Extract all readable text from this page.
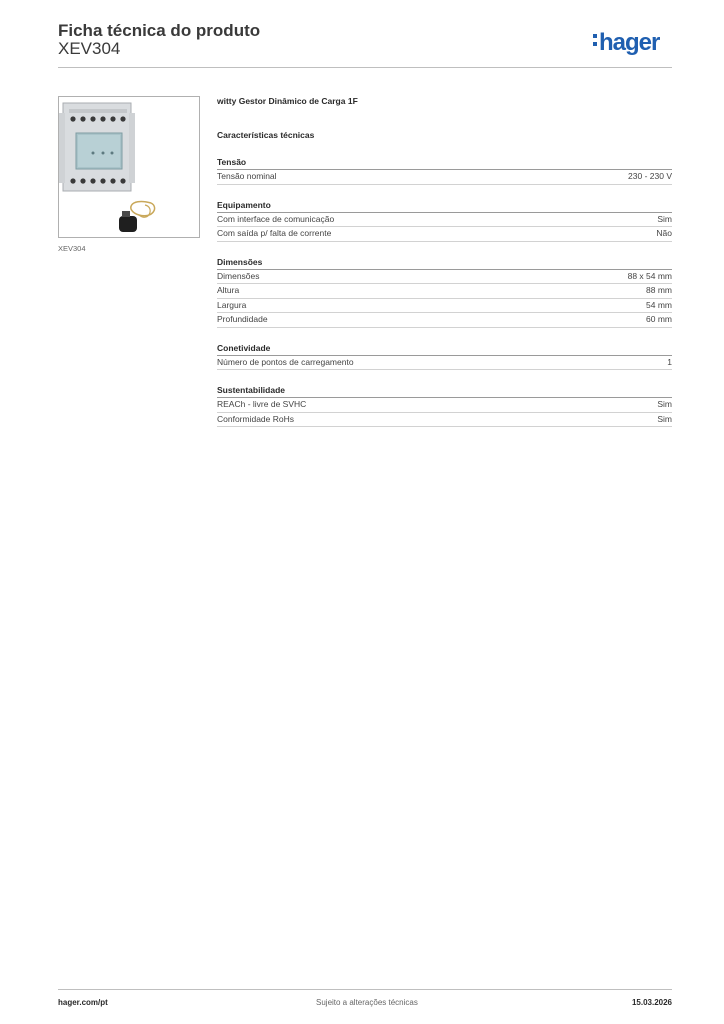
Ficha técnica do produto
XEV304	hager
XEV304
witty Gestor Dinâmico de Carga 1F
Características técnicas
Tensão
Tensão nominal	230 - 230 V
Equipamento
Com interface de comunicação	Sim
Com saída p/ falta de corrente	Não
Dimensões
Dimensões	88 x 54 mm
Altura	88 mm
Largura	54 mm
Profundidade	60 mm
Conetividade
Número de pontos de carregamento	1
Sustentabilidade
REACh - livre de SVHC	Sim
Conformidade RoHs	Sim
hager.com/pt	Sujeito a alterações técnicas	15.03.2026
